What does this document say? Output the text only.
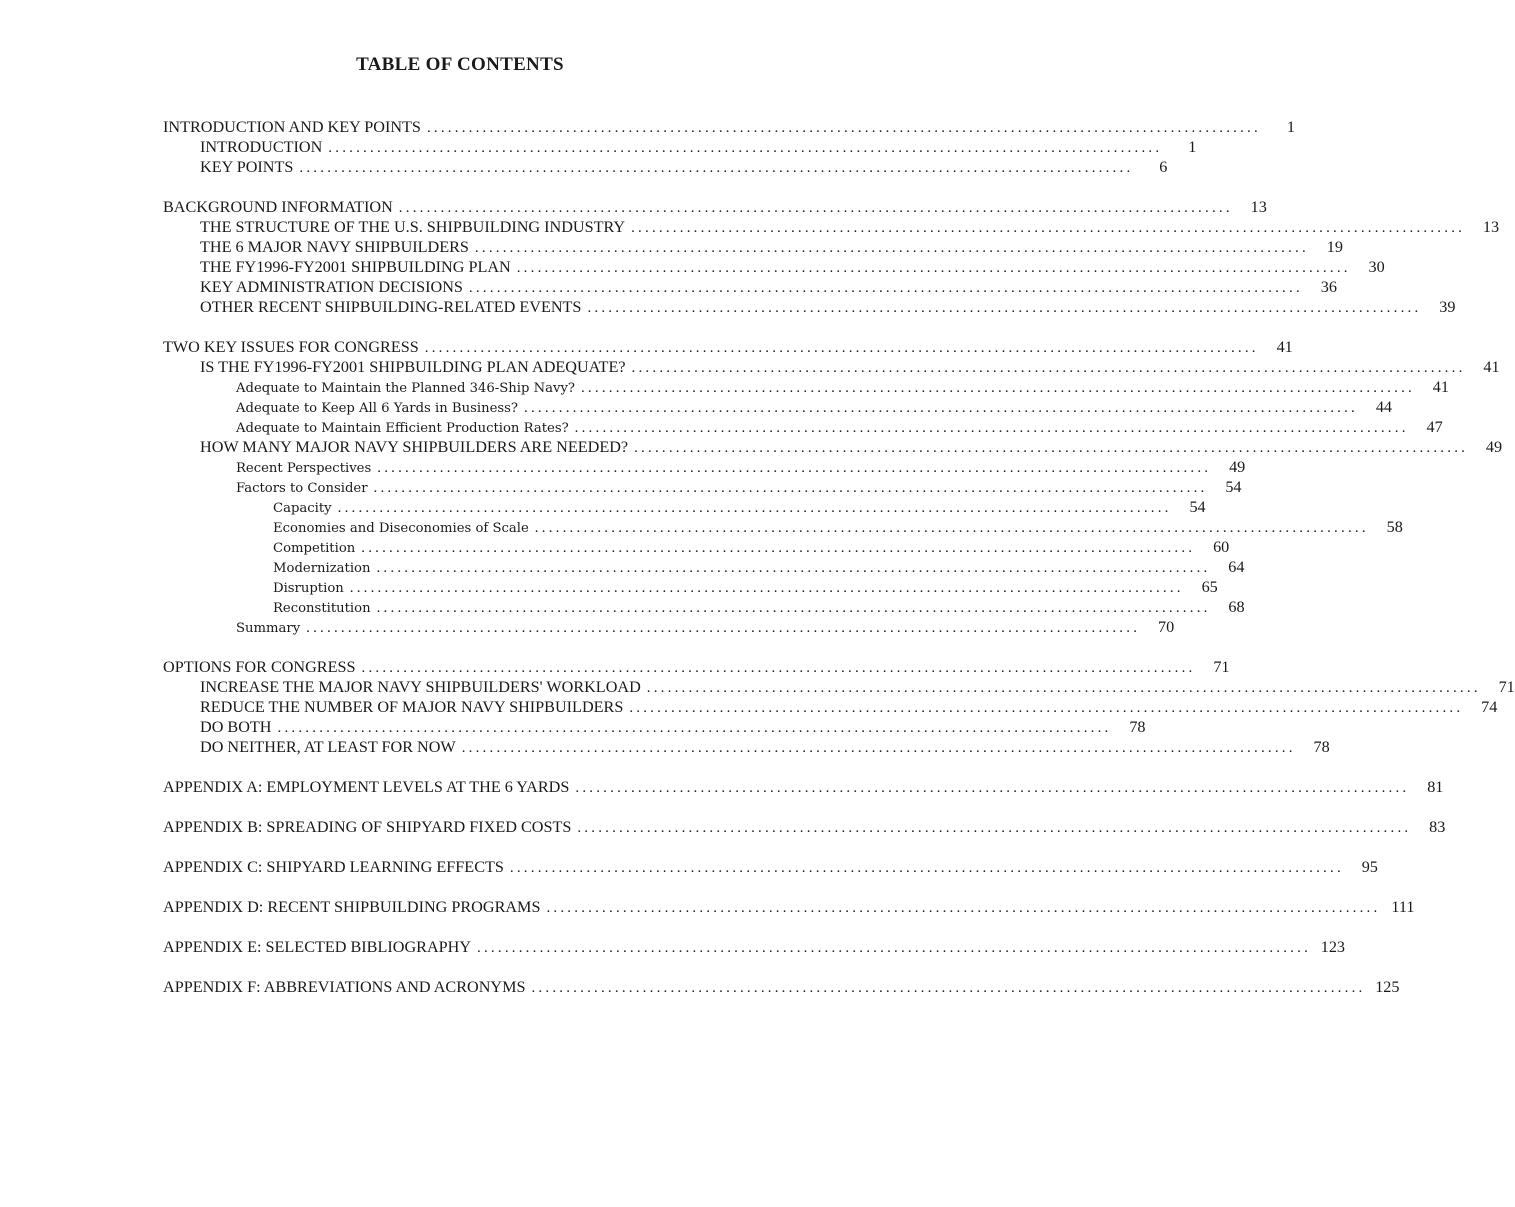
TABLE OF CONTENTS
INTRODUCTION AND KEY POINTS ........................................................................................................................	1
INTRODUCTION ........................................................................................................................	1
KEY POINTS ........................................................................................................................	6
BACKGROUND INFORMATION ........................................................................................................................	13
THE STRUCTURE OF THE U.S. SHIPBUILDING INDUSTRY ........................................................................................................................	13
THE 6 MAJOR NAVY SHIPBUILDERS ........................................................................................................................	19
THE FY1996-FY2001 SHIPBUILDING PLAN ........................................................................................................................	30
KEY ADMINISTRATION DECISIONS ........................................................................................................................	36
OTHER RECENT SHIPBUILDING-RELATED EVENTS ........................................................................................................................	39
TWO KEY ISSUES FOR CONGRESS ........................................................................................................................	41
IS THE FY1996-FY2001 SHIPBUILDING PLAN ADEQUATE? ........................................................................................................................	41
Adequate to Maintain the Planned 346-Ship Navy? ........................................................................................................................	41
Adequate to Keep All 6 Yards in Business? ........................................................................................................................	44
Adequate to Maintain Efficient Production Rates? ........................................................................................................................	47
HOW MANY MAJOR NAVY SHIPBUILDERS ARE NEEDED? ........................................................................................................................	49
Recent Perspectives ........................................................................................................................	49
Factors to Consider ........................................................................................................................	54
Capacity ........................................................................................................................	54
Economies and Diseconomies of Scale ........................................................................................................................	58
Competition ........................................................................................................................	60
Modernization ........................................................................................................................	64
Disruption ........................................................................................................................	65
Reconstitution ........................................................................................................................	68
Summary ........................................................................................................................	70
OPTIONS FOR CONGRESS ........................................................................................................................	71
INCREASE THE MAJOR NAVY SHIPBUILDERS' WORKLOAD ........................................................................................................................	71
REDUCE THE NUMBER OF MAJOR NAVY SHIPBUILDERS ........................................................................................................................	74
DO BOTH ........................................................................................................................	78
DO NEITHER, AT LEAST FOR NOW ........................................................................................................................	78
APPENDIX A: EMPLOYMENT LEVELS AT THE 6 YARDS ........................................................................................................................	81
APPENDIX B: SPREADING OF SHIPYARD FIXED COSTS ........................................................................................................................	83
APPENDIX C: SHIPYARD LEARNING EFFECTS ........................................................................................................................	95
APPENDIX D: RECENT SHIPBUILDING PROGRAMS ........................................................................................................................ 111
APPENDIX E: SELECTED BIBLIOGRAPHY ........................................................................................................................ 123
APPENDIX F: ABBREVIATIONS AND ACRONYMS ........................................................................................................................ 125
